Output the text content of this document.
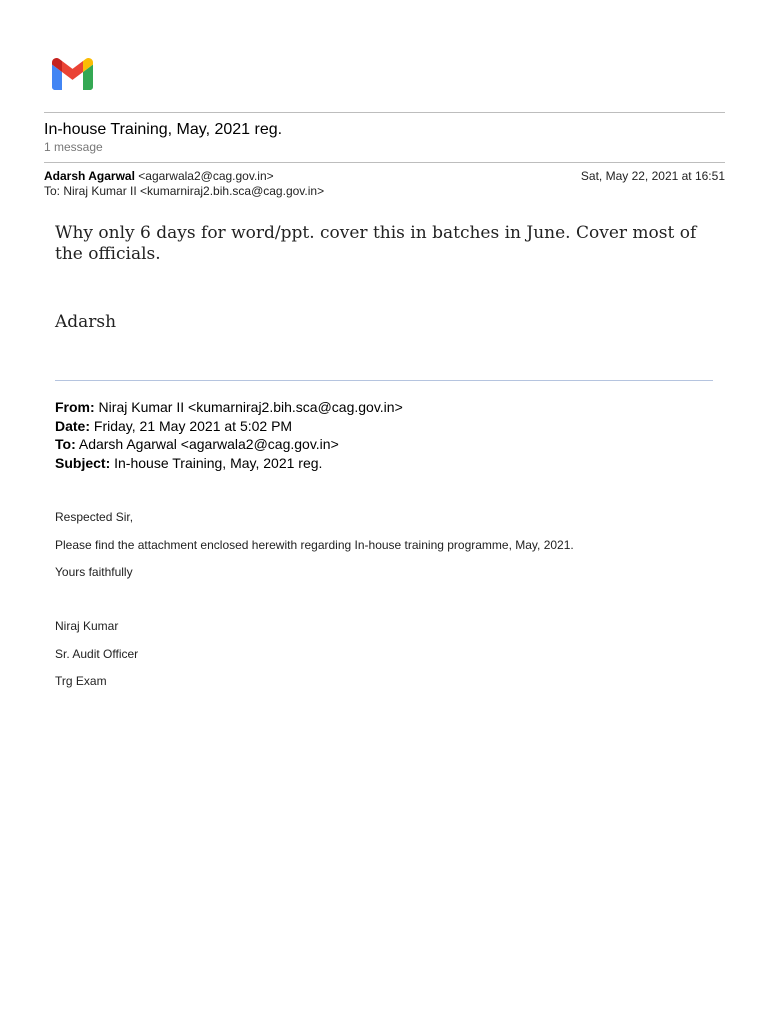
In-house Training, May, 2021 reg.
1 message
Adarsh Agarwal <agarwala2@cag.gov.in>	Sat, May 22, 2021 at 16:51
To: Niraj Kumar II <kumarniraj2.bih.sca@cag.gov.in>
Why only 6 days for word/ppt. cover this in batches in June. Cover most of the officials.
Adarsh
From: Niraj Kumar II <kumarniraj2.bih.sca@cag.gov.in>
Date: Friday, 21 May 2021 at 5:02 PM
To: Adarsh Agarwal <agarwala2@cag.gov.in>
Subject: In-house Training, May, 2021 reg.
Respected Sir,
Please find the attachment enclosed herewith regarding In-house training programme, May, 2021.
Yours faithfully
Niraj Kumar
Sr. Audit Officer
Trg Exam
